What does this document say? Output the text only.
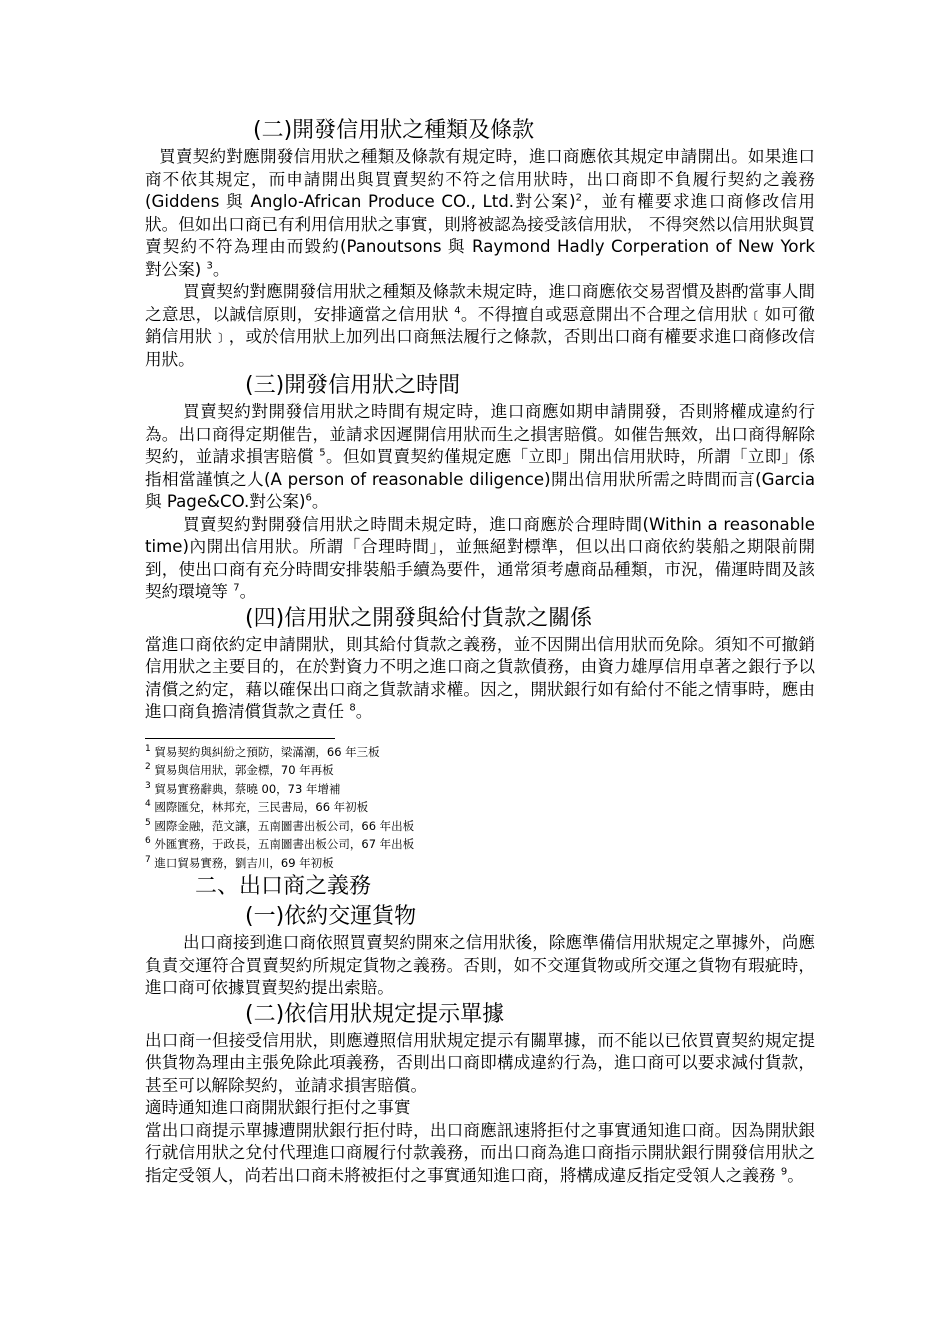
(二)開發信用狀之種類及條款

買賣契約對應開發信用狀之種類及條款有規定時，進口商應依其規定申請開出。如果進口商不依其規定，而申請開出與買賣契約不符之信用狀時，出口商即不負履行契約之義務(Giddens 與 Anglo-African Produce CO., Ltd.對公案)$^2$，並有權要求進口商修改信用狀。但如出口商已有利用信用狀之事實，則將被認為接受該信用狀， 不得突然以信用狀與買賣契約不符為理由而毀約(Panoutsons 與 Raymond Hadly Corperation of New York 對公案) $^3$。

買賣契約對應開發信用狀之種類及條款未規定時，進口商應依交易習慣及斟酌當事人間之意思，以誠信原則，安排適當之信用狀 $^4$。不得擅自或惡意開出不合理之信用狀﹝如可徹銷信用狀﹞，或於信用狀上加列出口商無法履行之條款，否則出口商有權要求進口商修改信用狀。

(三)開發信用狀之時間

買賣契約對開發信用狀之時間有規定時，進口商應如期申請開發，否則將權成違約行為。出口商得定期催告，並請求因遲開信用狀而生之損害賠償。如催告無效，出口商得解除契約，並請求損害賠償 $^5$。但如買賣契約僅規定應「立即」開出信用狀時，所謂「立即」係指相當謹慎之人(A person of reasonable diligence)開出信用狀所需之時間而言(Garcia 與 Page&CO.對公案)$^6$。

買賣契約對開發信用狀之時間未規定時，進口商應於合理時間(Within a reasonable time)內開出信用狀。所謂「合理時間」，並無絕對標準，但以出口商依約裝船之期限前開到，使出口商有充分時間安排裝船手續為要件，通常須考慮商品種類，市況，備運時間及該契約環境等 $^7$。

(四)信用狀之開發與給付貨款之關係

當進口商依約定申請開狀，則其給付貨款之義務，並不因開出信用狀而免除。須知不可撤銷信用狀之主要目的，在於對資力不明之進口商之貨款債務，由資力雄厚信用卓著之銀行予以清償之約定，藉以確保出口商之貨款請求權。因之，開狀銀行如有給付不能之情事時，應由進口商負擔清償貨款之責任 $^8$。

$^1$ 貿易契約與糾紛之預防，梁滿潮，66 年三板
$^2$ 貿易與信用狀，郭金標，70 年再板
$^3$ 貿易實務辭典，蔡曉 00，73 年增補
$^4$ 國際匯兌，林邦充，三民書局，66 年初板
$^5$ 國際金融，范文讓，五南圖書出板公司，66 年出板
$^6$ 外匯實務，于政長，五南圖書出板公司，67 年出板
$^7$ 進口貿易實務，劉吉川，69 年初板
二、出口商之義務
(一)依約交運貨物

出口商接到進口商依照買賣契約開來之信用狀後，除應準備信用狀規定之單據外，尚應負責交運符合買賣契約所規定貨物之義務。否則，如不交運貨物或所交運之貨物有瑕疵時，進口商可依據買賣契約提出索賠。

(二)依信用狀規定提示單據

出口商一但接受信用狀，則應遵照信用狀規定提示有關單據，而不能以已依買賣契約規定提供貨物為理由主張免除此項義務，否則出口商即構成違約行為，進口商可以要求減付貨款，甚至可以解除契約，並請求損害賠償。

適時通知進口商開狀銀行拒付之事實

當出口商提示單據遭開狀銀行拒付時，出口商應訊速將拒付之事實通知進口商。因為開狀銀行就信用狀之兌付代理進口商履行付款義務，而出口商為進口商指示開狀銀行開發信用狀之指定受領人，尚若出口商未將被拒付之事實通知進口商，將構成違反指定受領人之義務 $^9$。
